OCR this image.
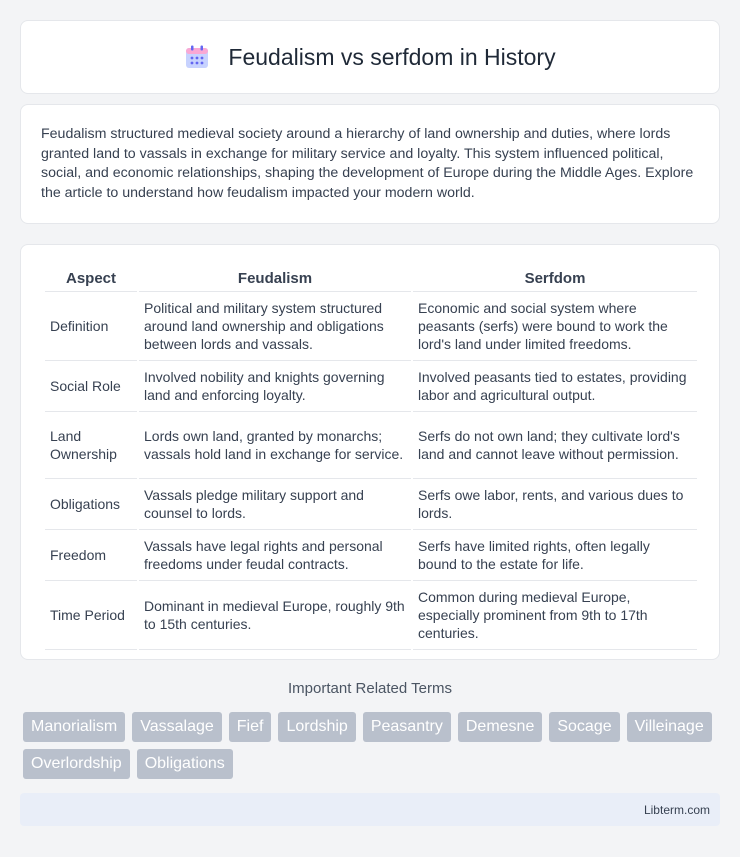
Feudalism vs serfdom in History

Feudalism structured medieval society around a hierarchy of land ownership and duties, where lords granted land to vassals in exchange for military service and loyalty. This system influenced political, social, and economic relationships, shaping the development of Europe during the Middle Ages. Explore the article to understand how feudalism impacted your modern world.

Aspect	Feudalism	Serfdom
Definition	Political and military system structured around land ownership and obligations between lords and vassals.	Economic and social system where peasants (serfs) were bound to work the lord's land under limited freedoms.
Social Role	Involved nobility and knights governing land and enforcing loyalty.	Involved peasants tied to estates, providing labor and agricultural output.
Land Ownership	Lords own land, granted by monarchs; vassals hold land in exchange for service.	Serfs do not own land; they cultivate lord's land and cannot leave without permission.
Obligations	Vassals pledge military support and counsel to lords.	Serfs owe labor, rents, and various dues to lords.
Freedom	Vassals have legal rights and personal freedoms under feudal contracts.	Serfs have limited rights, often legally bound to the estate for life.
Time Period	Dominant in medieval Europe, roughly 9th to 15th centuries.	Common during medieval Europe, especially prominent from 9th to 17th centuries.
Important Related Terms
Manorialism	Vassalage	Fief	Lordship	Peasantry	Demesne	Socage	Villeinage
Overlordship	Obligations
Libterm.com
